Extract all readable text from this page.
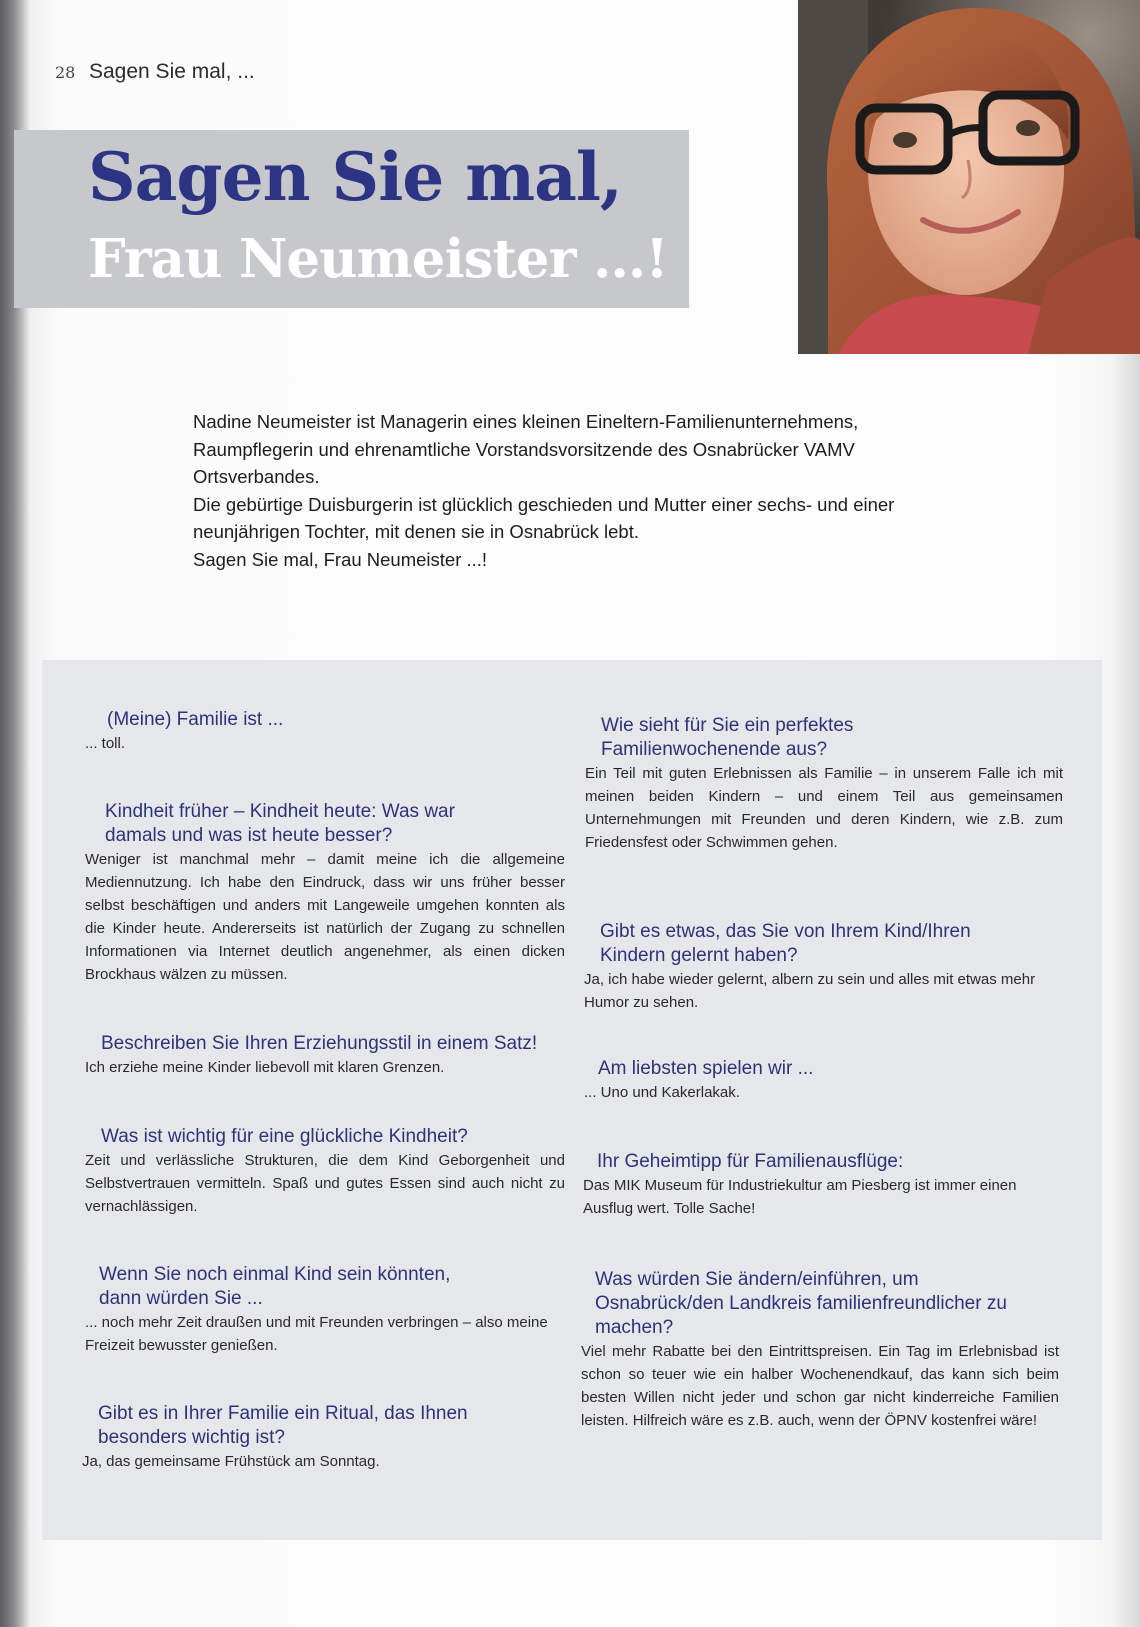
28 Sagen Sie mal, ...
Sagen Sie mal,
Frau Neumeister ...!

Nadine Neumeister ist Managerin eines kleinen Eineltern-Familienunternehmens, Raumpflegerin und ehrenamtliche Vorstandsvorsitzende des Osnabrücker VAMV Ortsverbandes.

Die gebürtige Duisburgerin ist glücklich geschieden und Mutter einer sechs- und einer neunjährigen Tochter, mit denen sie in Osnabrück lebt.

Sagen Sie mal, Frau Neumeister ...!

(Meine) Familie ist ...
... toll.
Kindheit früher – Kindheit heute: Was war damals und was ist heute besser?
Weniger ist manchmal mehr – damit meine ich die allgemeine Mediennutzung. Ich habe den Eindruck, dass wir uns früher besser selbst beschäftigen und anders mit Langeweile umgehen konnten als die Kinder heute. Andererseits ist natürlich der Zugang zu schnellen Informationen via Internet deutlich angenehmer, als einen dicken Brockhaus wälzen zu müssen.
Beschreiben Sie Ihren Erziehungsstil in einem Satz!
Ich erziehe meine Kinder liebevoll mit klaren Grenzen.
Was ist wichtig für eine glückliche Kindheit?
Zeit und verlässliche Strukturen, die dem Kind Geborgenheit und Selbstvertrauen vermitteln. Spaß und gutes Essen sind auch nicht zu vernachlässigen.
Wenn Sie noch einmal Kind sein könnten, dann würden Sie ...
... noch mehr Zeit draußen und mit Freunden verbringen – also meine Freizeit bewusster genießen.
Gibt es in Ihrer Familie ein Ritual, das Ihnen besonders wichtig ist?
Ja, das gemeinsame Frühstück am Sonntag.
Wie sieht für Sie ein perfektes Familienwochenende aus?
Ein Teil mit guten Erlebnissen als Familie – in unserem Falle ich mit meinen beiden Kindern – und einem Teil aus gemeinsamen Unternehmungen mit Freunden und deren Kindern, wie z.B. zum Friedensfest oder Schwimmen gehen.
Gibt es etwas, das Sie von Ihrem Kind/Ihren Kindern gelernt haben?
Ja, ich habe wieder gelernt, albern zu sein und alles mit etwas mehr Humor zu sehen.
Am liebsten spielen wir ...
... Uno und Kakerlakak.
Ihr Geheimtipp für Familienausflüge:
Das MIK Museum für Industriekultur am Piesberg ist immer einen Ausflug wert. Tolle Sache!
Was würden Sie ändern/einführen, um Osnabrück/den Landkreis familienfreundlicher zu machen?
Viel mehr Rabatte bei den Eintrittspreisen. Ein Tag im Erlebnisbad ist schon so teuer wie ein halber Wochenendkauf, das kann sich beim besten Willen nicht jeder und schon gar nicht kinderreiche Familien leisten. Hilfreich wäre es z.B. auch, wenn der ÖPNV kostenfrei wäre!
